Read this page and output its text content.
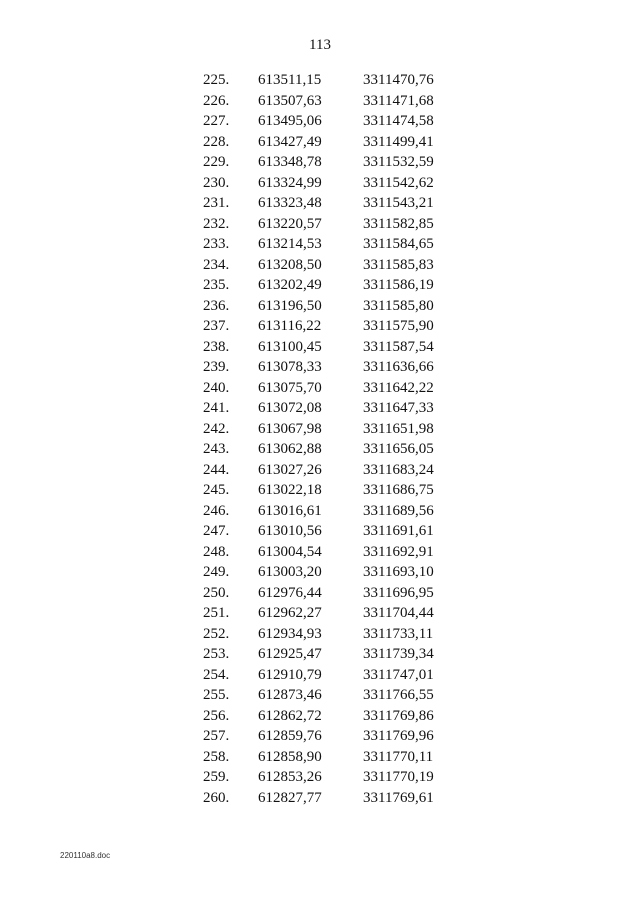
113
225. 613511,15	3311470,76
226. 613507,63	3311471,68
227. 613495,06	3311474,58
228. 613427,49	3311499,41
229. 613348,78	3311532,59
230. 613324,99	3311542,62
231. 613323,48	3311543,21
232. 613220,57	3311582,85
233. 613214,53	3311584,65
234. 613208,50	3311585,83
235. 613202,49	3311586,19
236. 613196,50	3311585,80
237. 613116,22	3311575,90
238. 613100,45	3311587,54
239. 613078,33	3311636,66
240. 613075,70	3311642,22
241. 613072,08	3311647,33
242. 613067,98	3311651,98
243. 613062,88	3311656,05
244. 613027,26	3311683,24
245. 613022,18	3311686,75
246. 613016,61	3311689,56
247. 613010,56	3311691,61
248. 613004,54	3311692,91
249. 613003,20	3311693,10
250. 612976,44	3311696,95
251. 612962,27	3311704,44
252. 612934,93	3311733,11
253. 612925,47	3311739,34
254. 612910,79	3311747,01
255. 612873,46	3311766,55
256. 612862,72	3311769,86
257. 612859,76	3311769,96
258. 612858,90	3311770,11
259. 612853,26	3311770,19
260. 612827,77	3311769,61
220110a8.doc
